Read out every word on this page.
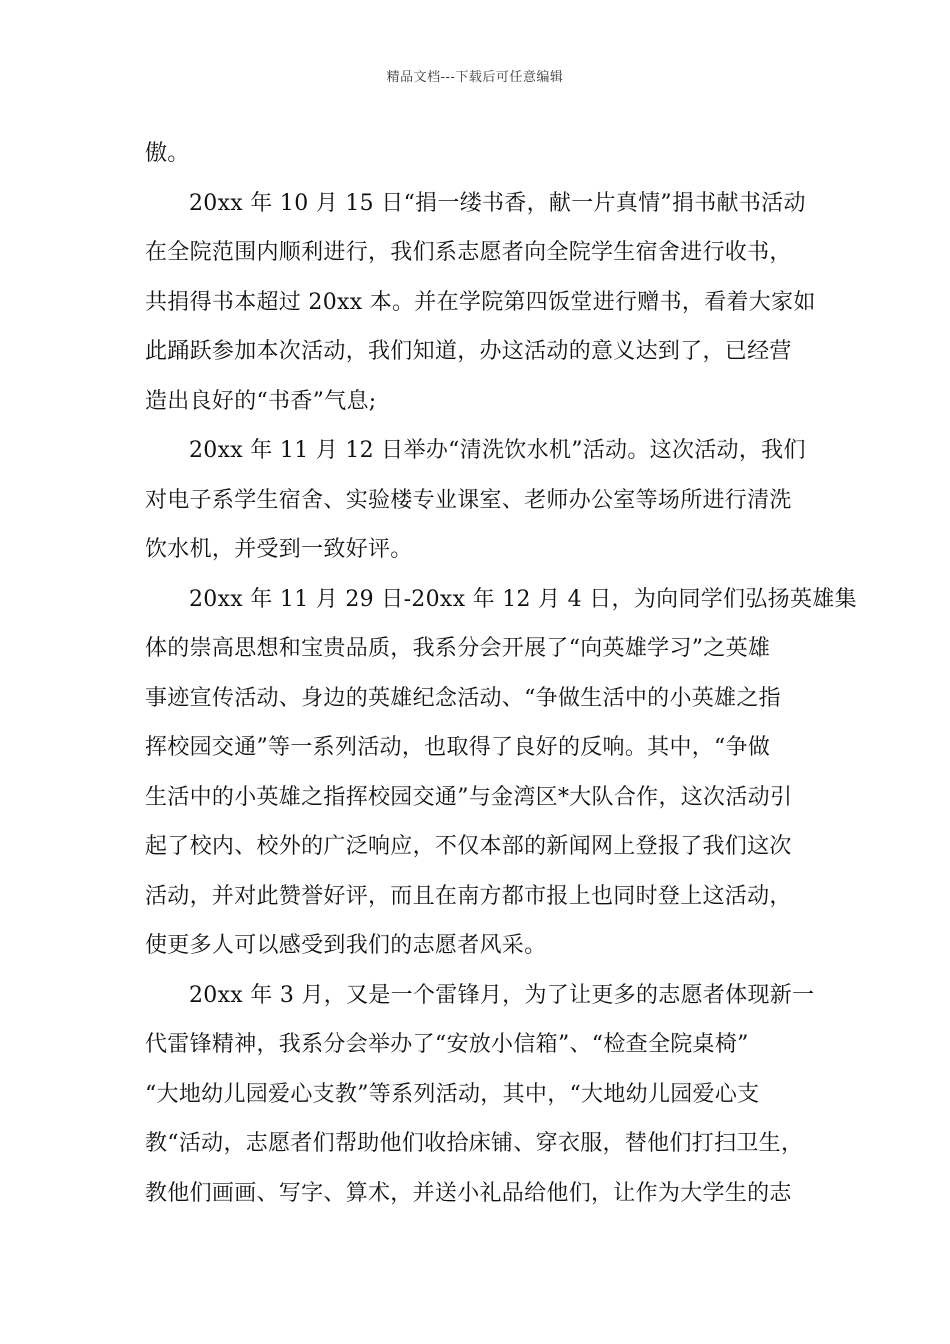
精品文档---下载后可任意编辑
傲。
20xx 年 10 月 15 日“捐一缕书香，献一片真情”捐书献书活动
在全院范围内顺利进行，我们系志愿者向全院学生宿舍进行收书，
共捐得书本超过 20xx 本。并在学院第四饭堂进行赠书，看着大家如
此踊跃参加本次活动，我们知道，办这活动的意义达到了，已经营
造出良好的“书香”气息;
20xx 年 11 月 12 日举办“清洗饮水机”活动。这次活动，我们
对电子系学生宿舍、实验楼专业课室、老师办公室等场所进行清洗
饮水机，并受到一致好评。
20xx 年 11 月 29 日-20xx 年 12 月 4 日，为向同学们弘扬英雄集
体的崇高思想和宝贵品质，我系分会开展了“向英雄学习”之英雄
事迹宣传活动、身边的英雄纪念活动、“争做生活中的小英雄之指
挥校园交通”等一系列活动，也取得了良好的反响。其中，“争做
生活中的小英雄之指挥校园交通”与金湾区*大队合作，这次活动引
起了校内、校外的广泛响应，不仅本部的新闻网上登报了我们这次
活动，并对此赞誉好评，而且在南方都市报上也同时登上这活动，
使更多人可以感受到我们的志愿者风采。
20xx 年 3 月，又是一个雷锋月，为了让更多的志愿者体现新一
代雷锋精神，我系分会举办了“安放小信箱”、“检查全院桌椅”
“大地幼儿园爱心支教”等系列活动，其中，“大地幼儿园爱心支
教“活动，志愿者们帮助他们收拾床铺、穿衣服，替他们打扫卫生，
教他们画画、写字、算术，并送小礼品给他们，让作为大学生的志
